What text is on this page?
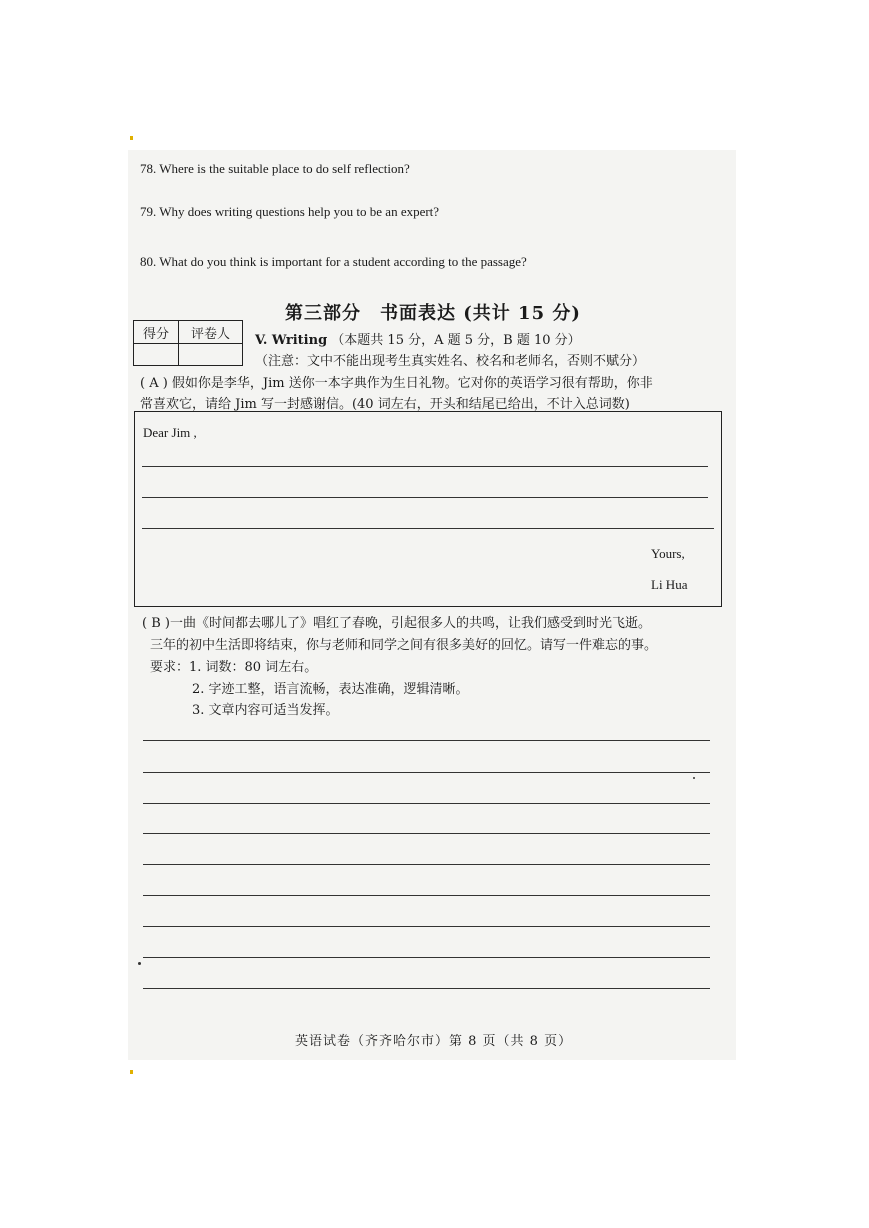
78. Where is the suitable place to do self reflection?
79. Why does writing questions help you to be an expert?
80. What do you think is important for a student according to the passage?
第三部分　书面表达 (共计 15 分)
得分	评卷人	V. Writing （本题共 15 分，A 题 5 分，B 题 10 分）
（注意：文中不能出现考生真实姓名、校名和老师名，否则不赋分）
( A ) 假如你是李华，Jim 送你一本字典作为生日礼物。它对你的英语学习很有帮助，你非
常喜欢它，请给 Jim 写一封感谢信。(40 词左右，开头和结尾已给出，不计入总词数)
Dear Jim ,
Yours,
Li Hua
( B )一曲《时间都去哪儿了》唱红了春晚，引起很多人的共鸣，让我们感受到时光飞逝。
三年的初中生活即将结束，你与老师和同学之间有很多美好的回忆。请写一件难忘的事。
要求：1. 词数：80 词左右。
2. 字迹工整，语言流畅，表达准确，逻辑清晰。
3. 文章内容可适当发挥。
英语试卷（齐齐哈尔市）第 8 页（共 8 页）
